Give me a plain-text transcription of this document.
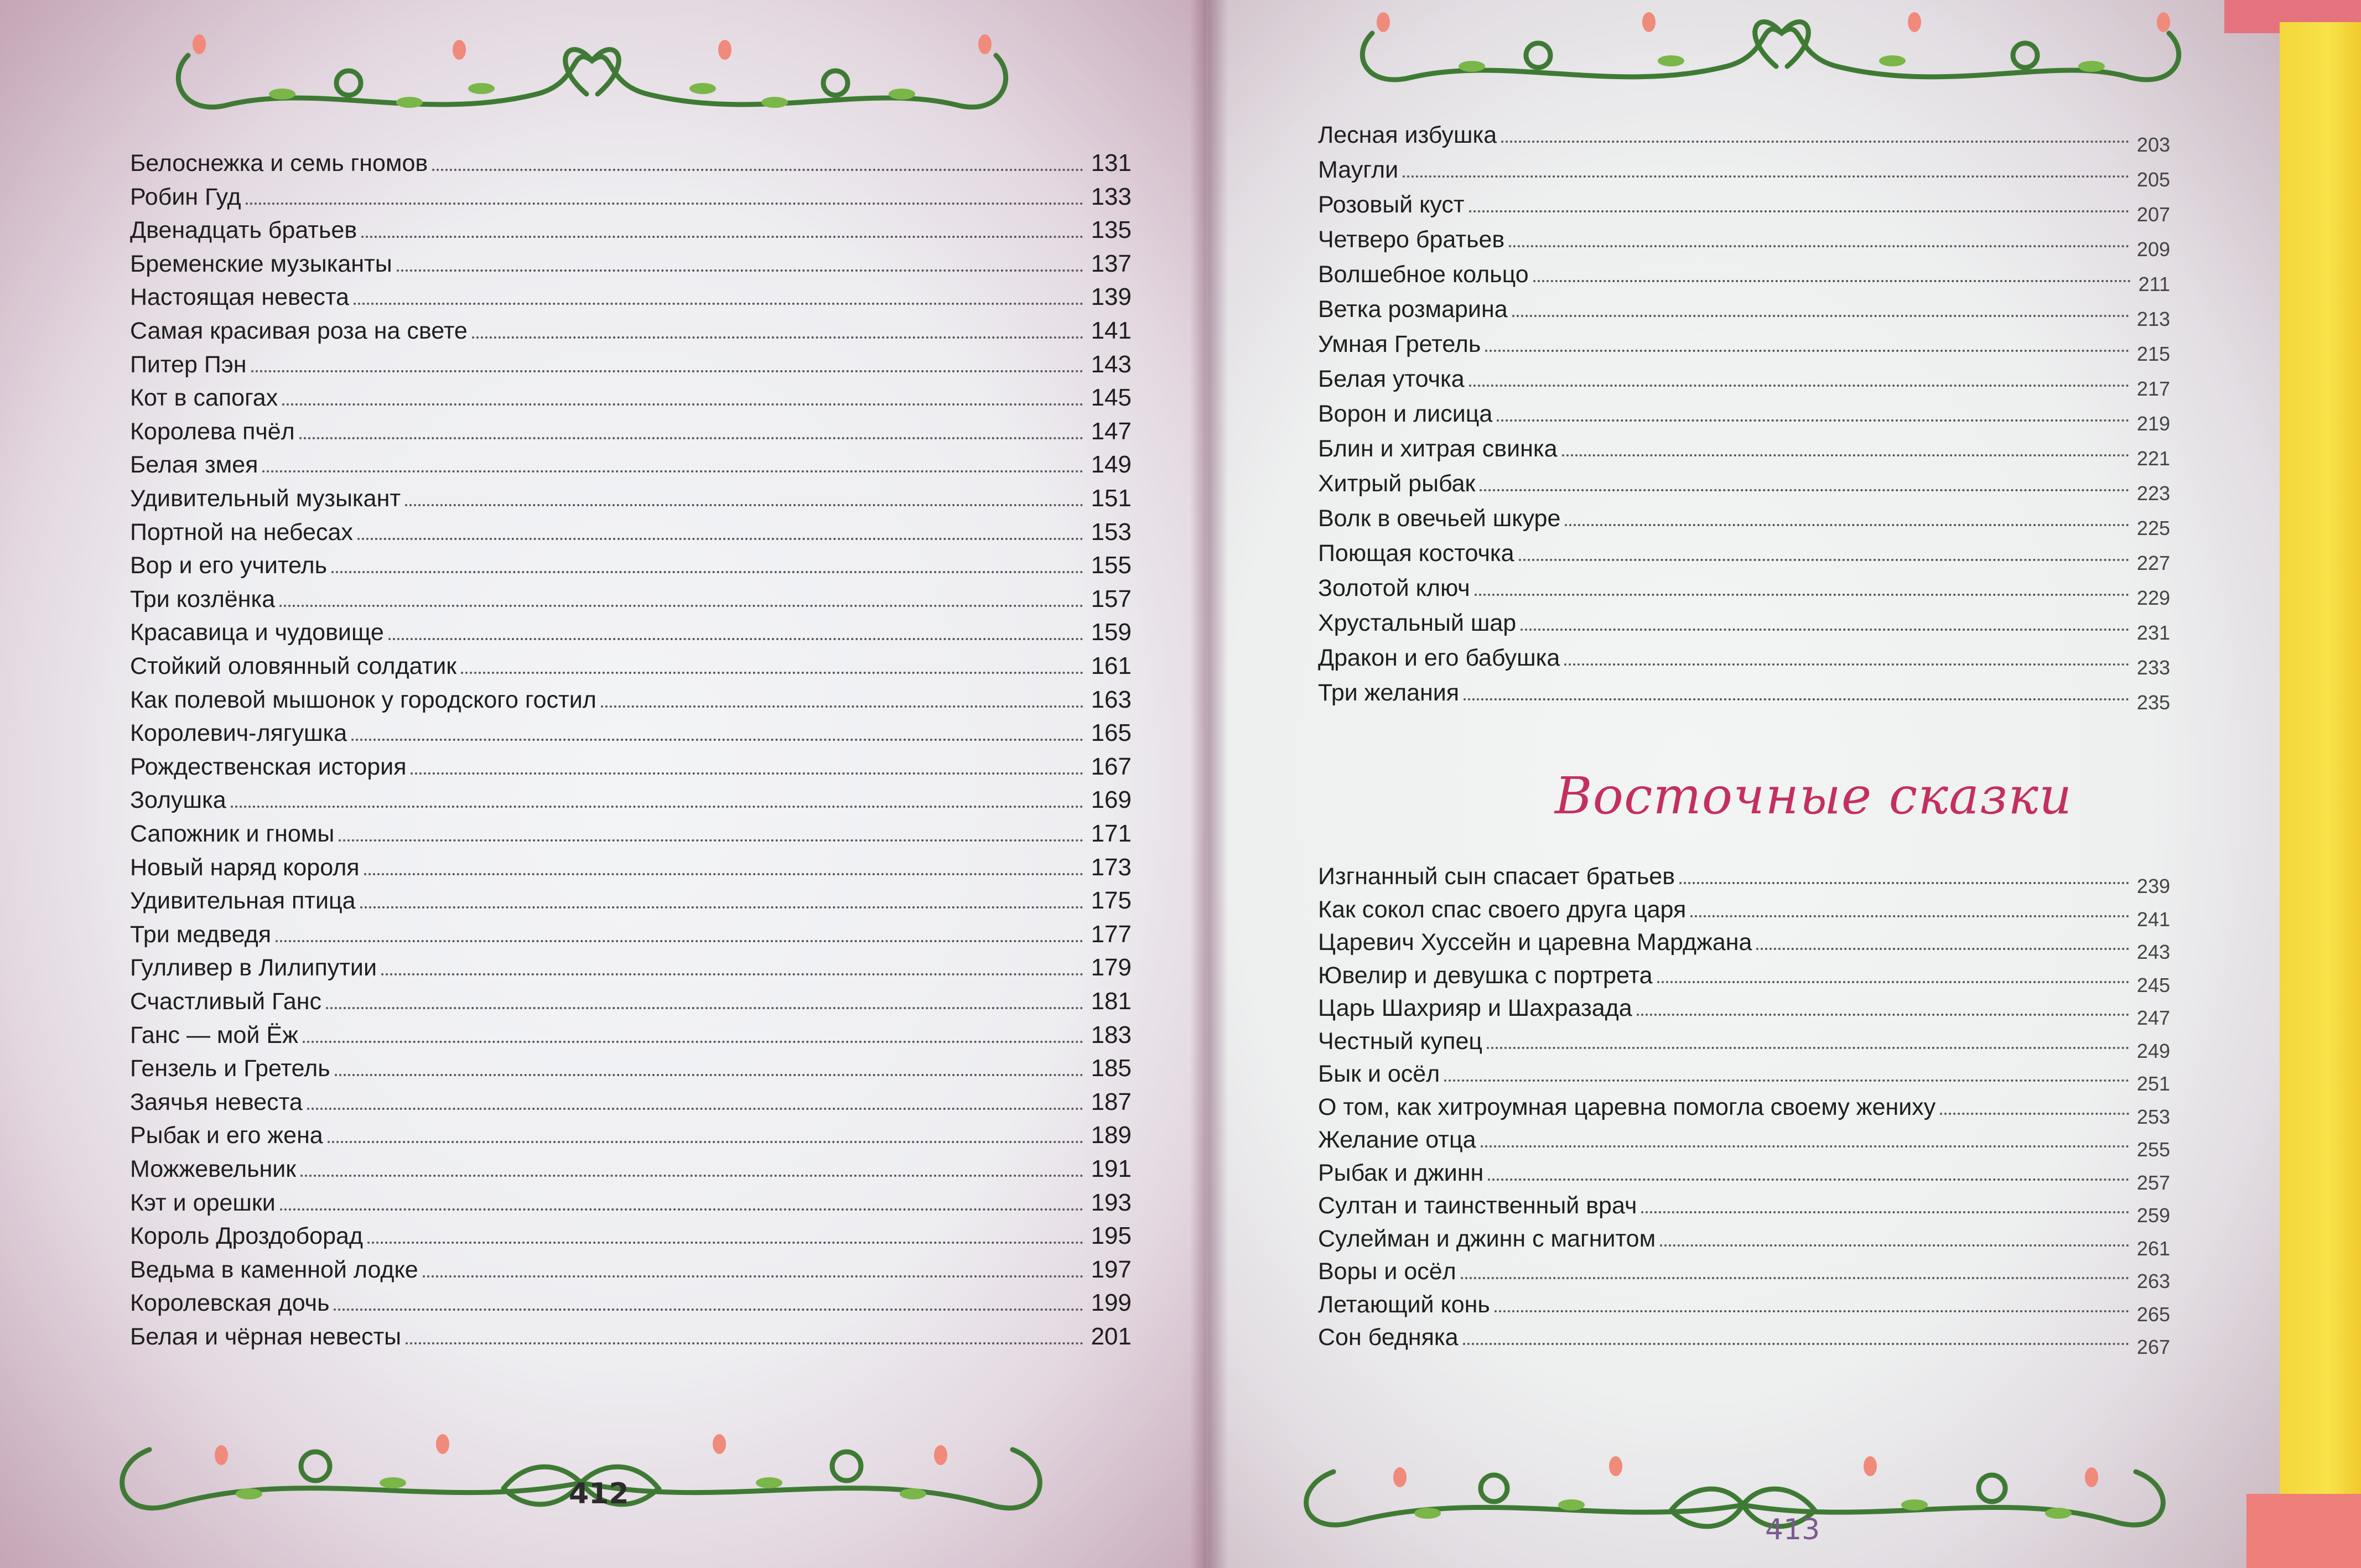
Белоснежка и семь гномов	131
Робин Гуд	133
Двенадцать братьев	135
Бременские музыканты	137
Настоящая невеста	139
Самая красивая роза на свете	141
Питер Пэн	143
Кот в сапогах	145
Королева пчёл	147
Белая змея	149
Удивительный музыкант	151
Портной на небесах	153
Вор и его учитель	155
Три козлёнка	157
Красавица и чудовище	159
Стойкий оловянный солдатик	161
Как полевой мышонок у городского гостил	163
Королевич-лягушка	165
Рождественская история	167
Золушка	169
Сапожник и гномы	171
Новый наряд короля	173
Удивительная птица	175
Три медведя	177
Гулливер в Лилипутии	179
Счастливый Ганс	181
Ганс — мой Ёж	183
Гензель и Гретель	185
Заячья невеста	187
Рыбак и его жена	189
Можжевельник	191
Кэт и орешки	193
Король Дроздоборад	195
Ведьма в каменной лодке	197
Королевская дочь	199
Белая и чёрная невесты	201
Лесная избушка	203
Маугли	205
Розовый куст	207
Четверо братьев	209
Волшебное кольцо	211
Ветка розмарина	213
Умная Гретель	215
Белая уточка	217
Ворон и лисица	219
Блин и хитрая свинка	221
Хитрый рыбак	223
Волк в овечьей шкуре	225
Поющая косточка	227
Золотой ключ	229
Хрустальный шар	231
Дракон и его бабушка	233
Три желания	235
Восточные сказки
Изгнанный сын спасает братьев	239
Как сокол спас своего друга царя	241
Царевич Хуссейн и царевна Марджана	243
Ювелир и девушка с портрета	245
Царь Шахрияр и Шахразада	247
Честный купец	249
Бык и осёл	251
О том, как хитроумная царевна помогла своему жениху	253
Желание отца	255
Рыбак и джинн	257
Султан и таинственный врач	259
Сулейман и джинн с магнитом	261
Воры и осёл	263
Летающий конь	265
Сон бедняка	267
412
413
